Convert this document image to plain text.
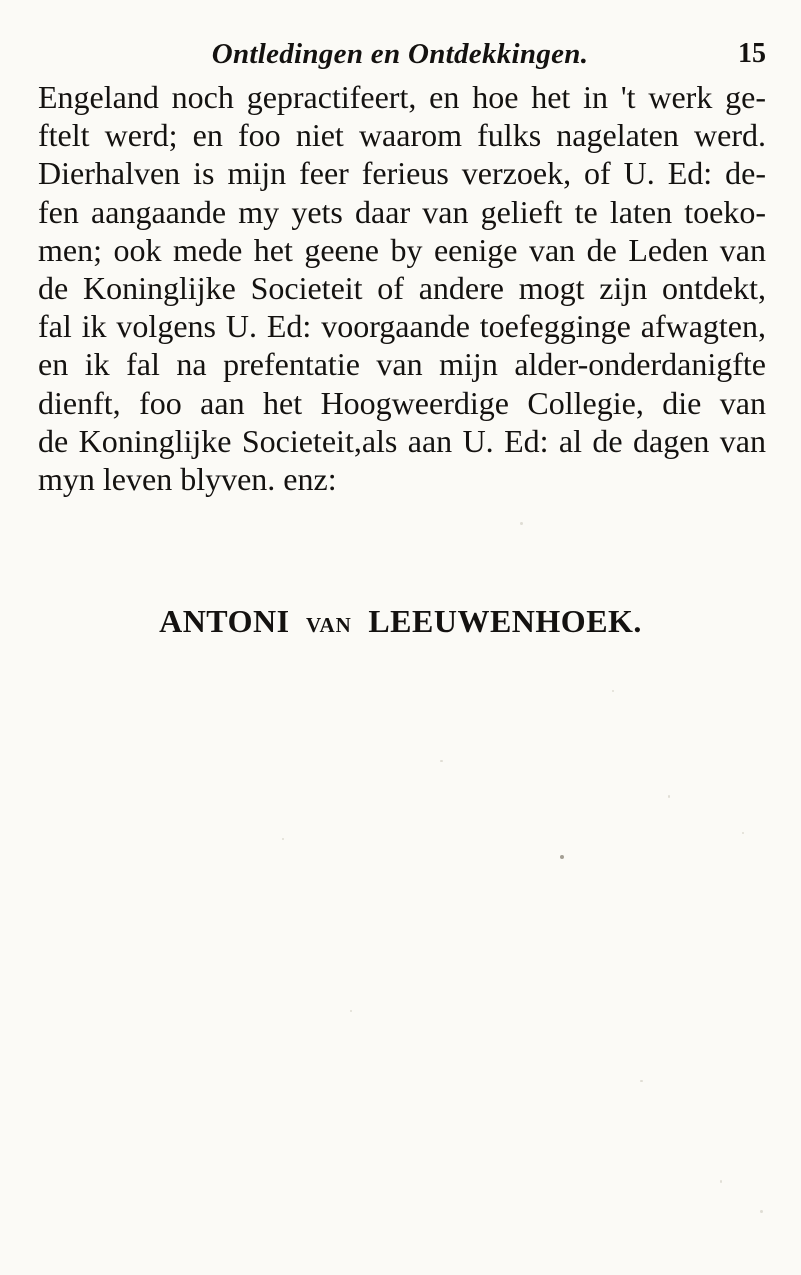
Ontledingen en Ontdekkingen.	15
Engeland noch gepractifeert, en hoe het in 't werk ge-
ftelt werd; en foo niet waarom fulks nagelaten werd.
Dierhalven is mijn feer ferieus verzoek, of U. Ed: de-
fen aangaande my yets daar van gelieft te laten toeko-
men; ook mede het geene by eenige van de Leden van
de Koninglijke Societeit of andere mogt zijn ontdekt,
fal ik volgens U. Ed: voorgaande toefegginge afwagten,
en ik fal na prefentatie van mijn alder-onderdanigfte
dienft, foo aan het Hoogweerdige Collegie, die van
de Koninglijke Societeit,als aan U. Ed: al de dagen van
myn leven blyven. enz:
ANTONI VAN LEEUWENHOEK.
